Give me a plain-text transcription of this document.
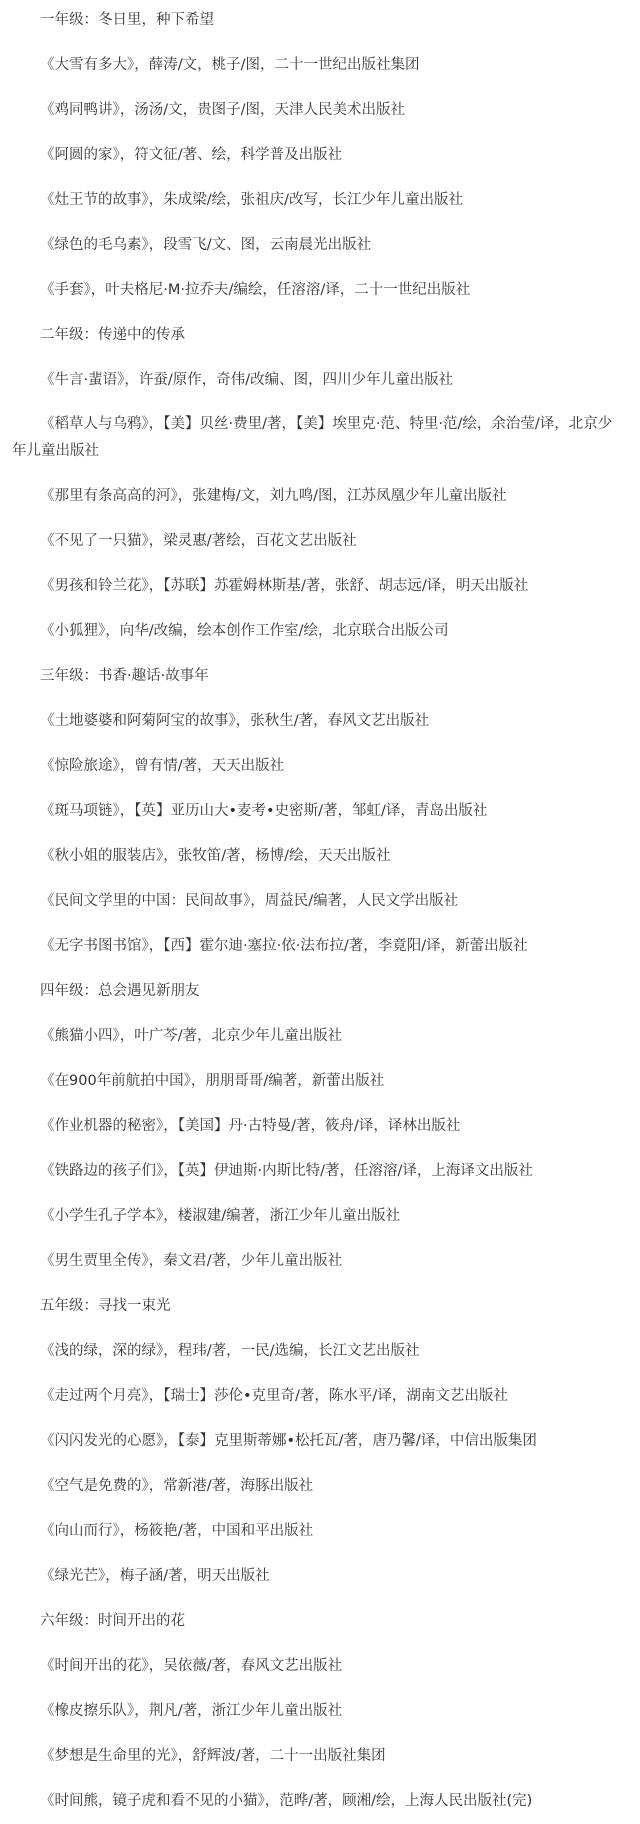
一年级：冬日里，种下希望

《大雪有多大》，薛涛/文，桃子/图，二十一世纪出版社集团

《鸡同鸭讲》，汤汤/文，贵图子/图，天津人民美术出版社

《阿圆的家》，符文征/著、绘，科学普及出版社

《灶王节的故事》，朱成梁/绘，张祖庆/改写，长江少年儿童出版社

《绿色的毛乌素》，段雪飞/文、图，云南晨光出版社

《手套》，叶夫格尼·M·拉乔夫/编绘，任溶溶/译，二十一世纪出版社

二年级：传递中的传承

《牛言·蜚语》，许蚕/原作，奇伟/改编、图，四川少年儿童出版社

《稻草人与乌鸦》，【美】贝丝·费里/著，【美】埃里克·范、特里·范/绘，余治莹/译，北京少年儿童出版社

《那里有条高高的河》，张建梅/文，刘九鸣/图，江苏凤凰少年儿童出版社

《不见了一只猫》，梁灵惠/著绘，百花文艺出版社

《男孩和铃兰花》，【苏联】苏霍姆林斯基/著，张舒、胡志远/译，明天出版社

《小狐狸》，向华/改编，绘本创作工作室/绘，北京联合出版公司

三年级：书香·趣话·故事年

《土地婆婆和阿菊阿宝的故事》，张秋生/著，春风文艺出版社

《惊险旅途》，曾有情/著，天天出版社

《斑马项链》，【英】亚历山大•麦考•史密斯/著，邹虹/译，青岛出版社

《秋小姐的服装店》，张牧笛/著，杨博/绘，天天出版社

《民间文学里的中国：民间故事》，周益民/编著，人民文学出版社

《无字书图书馆》，【西】霍尔迪·塞拉·依·法布拉/著，李竟阳/译，新蕾出版社

四年级：总会遇见新朋友

《熊猫小四》，叶广芩/著，北京少年儿童出版社

《在900年前航拍中国》，朋朋哥哥/编著，新蕾出版社

《作业机器的秘密》，【美国】丹·古特曼/著，筱舟/译，译林出版社

《铁路边的孩子们》，【英】伊迪斯·内斯比特/著，任溶溶/译，上海译文出版社

《小学生孔子学本》，楼淑建/编著，浙江少年儿童出版社

《男生贾里全传》，秦文君/著，少年儿童出版社

五年级：寻找一束光

《浅的绿，深的绿》，程玮/著，一民/选编，长江文艺出版社

《走过两个月亮》，【瑞士】莎伦•克里奇/著，陈水平/译，湖南文艺出版社

《闪闪发光的心愿》，【泰】克里斯蒂娜•松托瓦/著，唐乃馨/译，中信出版集团

《空气是免费的》，常新港/著，海豚出版社

《向山而行》，杨筱艳/著，中国和平出版社

《绿光芒》，梅子涵/著，明天出版社

六年级：时间开出的花

《时间开出的花》，吴依薇/著，春风文艺出版社

《橡皮擦乐队》，荆凡/著，浙江少年儿童出版社

《梦想是生命里的光》，舒辉波/著，二十一出版社集团

《时间熊，镜子虎和看不见的小猫》，范晔/著，顾湘/绘，上海人民出版社(完)
